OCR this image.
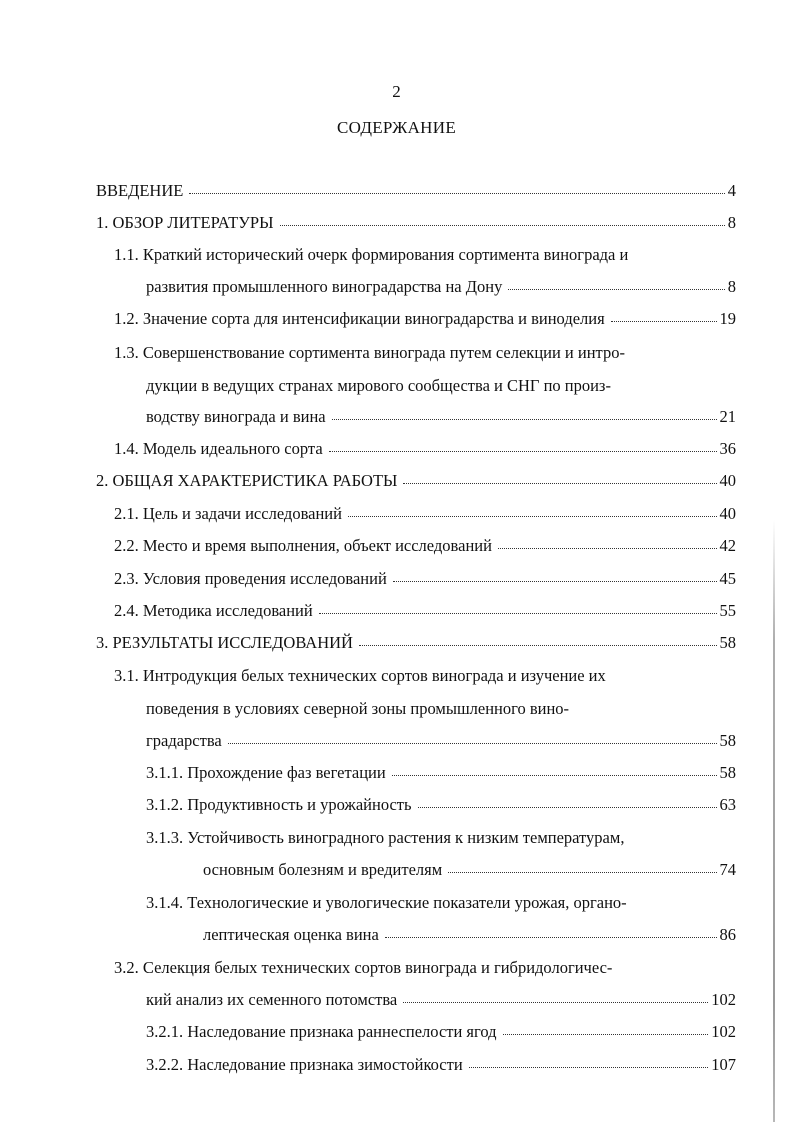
2
СОДЕРЖАНИЕ
ВВЕДЕНИЕ	4
1. ОБЗОР ЛИТЕРАТУРЫ	8
1.1. Краткий исторический очерк формирования сортимента винограда и
развития промышленного виноградарства на Дону	8
1.2. Значение сорта для интенсификации виноградарства и виноделия	19
1.3. Совершенствование сортимента винограда путем селекции и интро-
дукции в ведущих странах мирового сообщества и СНГ по произ-
водству винограда и вина	21
1.4. Модель идеального сорта	36
2. ОБЩАЯ ХАРАКТЕРИСТИКА РАБОТЫ	40
2.1. Цель и задачи исследований	40
2.2. Место и время выполнения, объект исследований	42
2.3. Условия проведения исследований	45
2.4. Методика исследований	55
3. РЕЗУЛЬТАТЫ ИССЛЕДОВАНИЙ	58
3.1. Интродукция белых технических сортов винограда и изучение их
поведения в условиях северной зоны промышленного вино-
градарства	58
3.1.1. Прохождение фаз вегетации	58
3.1.2. Продуктивность и урожайность	63
3.1.3. Устойчивость виноградного растения к низким температурам,
основным болезням и вредителям	74
3.1.4. Технологические и увологические показатели урожая, органо-
лептическая оценка вина	86
3.2. Селекция белых технических сортов винограда и гибридологичес-
кий анализ их семенного потомства	102
3.2.1. Наследование признака раннеспелости ягод	102
3.2.2. Наследование признака зимостойкости	107
